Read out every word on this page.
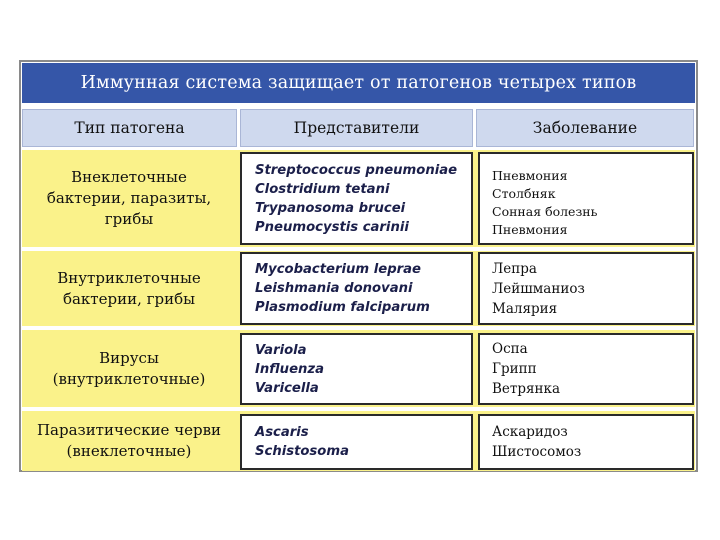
Иммунная система защищает от патогенов четырех типов
Тип патогена	Представители	Заболевание
Внеклеточные
бактерии, паразиты,
грибы
Streptococcus pneumoniae
Clostridium tetani
Trypanosoma brucei
Pneumocystis carinii
Пневмония
Столбняк
Сонная болезнь
Пневмония
Внутриклеточные
бактерии, грибы
Mycobacterium leprae
Leishmania donovani
Plasmodium falciparum
Лепра
Лейшманиоз
Малярия
Вирусы
(внутриклеточные)
Variola
Influenza
Varicella
Оспа
Грипп
Ветрянка
Паразитические черви
(внеклеточные)
Ascaris
Schistosoma
Аскаридоз
Шистосомоз
